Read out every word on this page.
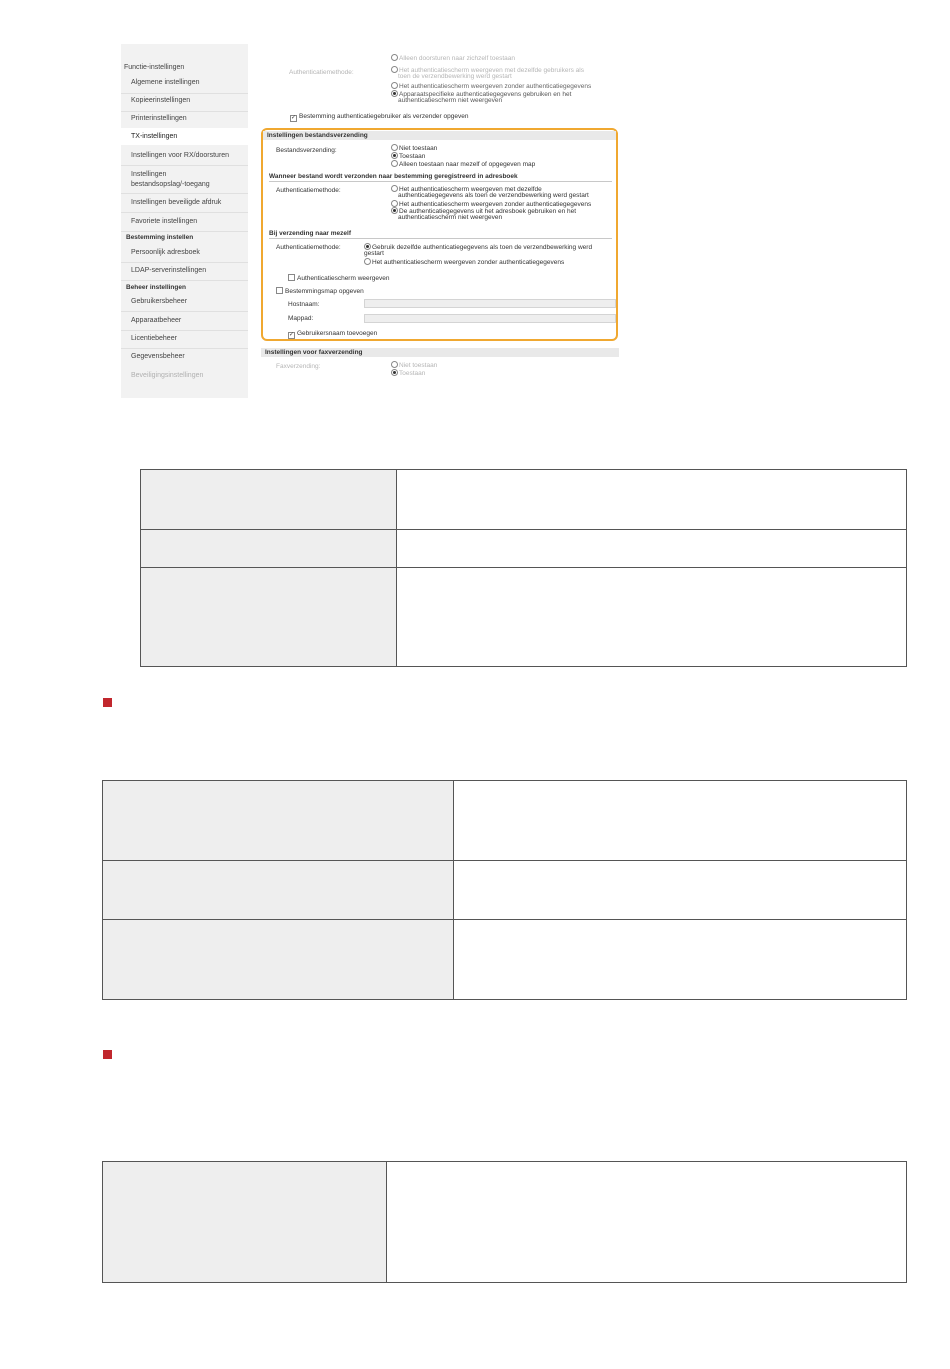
Functie-instellingen
Algemene instellingen
Kopieerinstellingen
Printerinstellingen
TX-instellingen
Instellingen voor RX/doorsturen
Instellingen
bestandsopslag/-toegang
Instellingen beveiligde afdruk
Favoriete instellingen
Bestemming instellen
Persoonlijk adresboek
LDAP-serverinstellingen
Beheer instellingen
Gebruikersbeheer
Apparaatbeheer
Licentiebeheer
Gegevensbeheer
Beveiligingsinstellingen
Alleen doorsturen naar zichzelf toestaan
Authenticatiemethode:	Het authenticatiescherm weergeven met dezelfde gebruikers als
toen de verzendbewerking werd gestart
Het authenticatiescherm weergeven zonder authenticatiegegevens
Apparaatspecifieke authenticatiegegevens gebruiken en het
authenticatiescherm niet weergeven
✓ Bestemming authenticatiegebruiker als verzender opgeven
Instellingen bestandsverzending
Bestandsverzending:	Niet toestaan
Toestaan
Alleen toestaan naar mezelf of opgegeven map
Wanneer bestand wordt verzonden naar bestemming geregistreerd in adresboek
Authenticatiemethode:	Het authenticatiescherm weergeven met dezelfde
authenticatiegegevens als toen de verzendbewerking werd gestart
Het authenticatiescherm weergeven zonder authenticatiegegevens
De authenticatiegegevens uit het adresboek gebruiken en het
authenticatiescherm niet weergeven
Bij verzending naar mezelf
Authenticatiemethode:	Gebruik dezelfde authenticatiegegevens als toen de verzendbewerking werd
gestart
Het authenticatiescherm weergeven zonder authenticatiegegevens
Authenticatiescherm weergeven
Bestemmingsmap opgeven
Hostnaam:
Mappad:
✓ Gebruikersnaam toevoegen
Instellingen voor faxverzending
Faxverzending:	Niet toestaan
Toestaan
